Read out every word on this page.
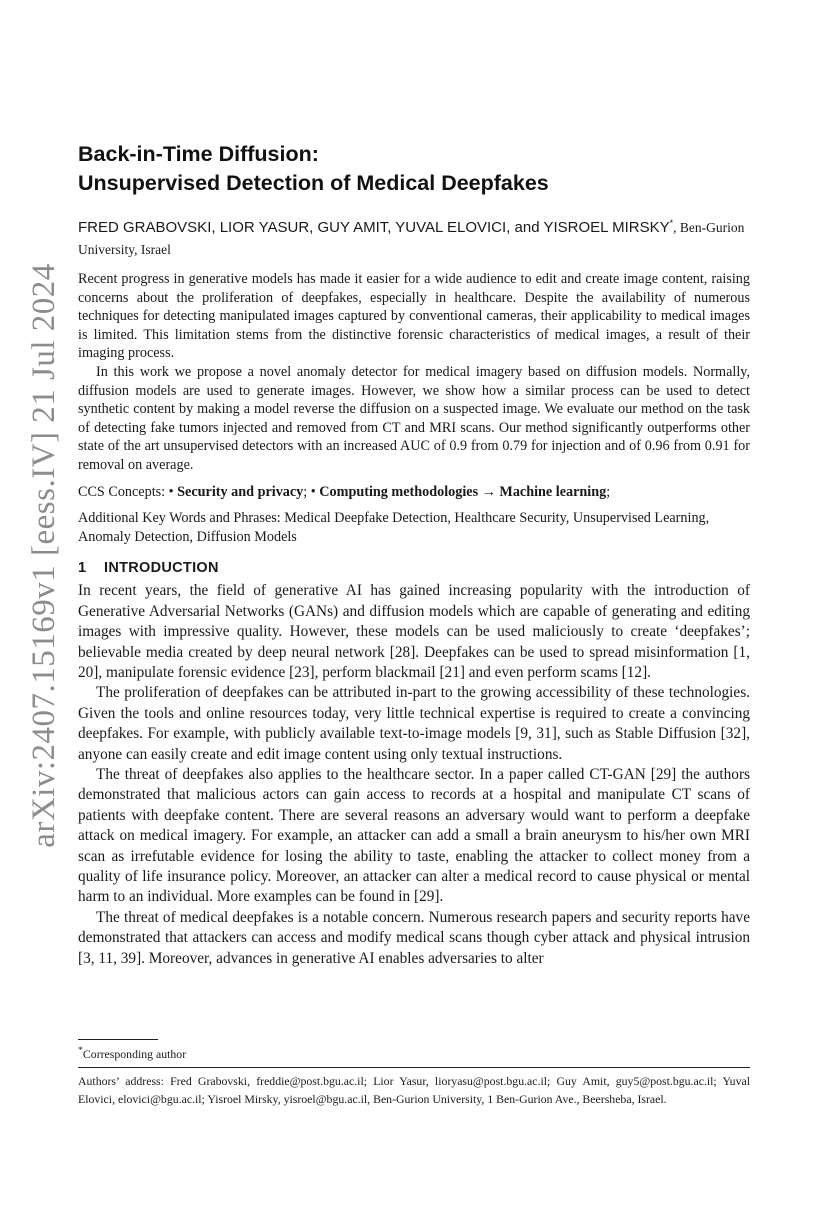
arXiv:2407.15169v1 [eess.IV] 21 Jul 2024
Back-in-Time Diffusion:
Unsupervised Detection of Medical Deepfakes
FRED GRABOVSKI, LIOR YASUR, GUY AMIT, YUVAL ELOVICI, and YISROEL MIRSKY*, Ben-Gurion University, Israel

Recent progress in generative models has made it easier for a wide audience to edit and create image content, raising concerns about the proliferation of deepfakes, especially in healthcare. Despite the availability of numerous techniques for detecting manipulated images captured by conventional cameras, their applicability to medical images is limited. This limitation stems from the distinctive forensic characteristics of medical images, a result of their imaging process.

In this work we propose a novel anomaly detector for medical imagery based on diffusion models. Normally, diffusion models are used to generate images. However, we show how a similar process can be used to detect synthetic content by making a model reverse the diffusion on a suspected image. We evaluate our method on the task of detecting fake tumors injected and removed from CT and MRI scans. Our method significantly outperforms other state of the art unsupervised detectors with an increased AUC of 0.9 from 0.79 for injection and of 0.96 from 0.91 for removal on average.

CCS Concepts: • Security and privacy; • Computing methodologies → Machine learning;
Additional Key Words and Phrases: Medical Deepfake Detection, Healthcare Security, Unsupervised Learning, Anomaly Detection, Diffusion Models
1 INTRODUCTION

In recent years, the field of generative AI has gained increasing popularity with the introduction of Generative Adversarial Networks (GANs) and diffusion models which are capable of generating and editing images with impressive quality. However, these models can be used maliciously to create ‘deepfakes’; believable media created by deep neural network [28]. Deepfakes can be used to spread misinformation [1, 20], manipulate forensic evidence [23], perform blackmail [21] and even perform scams [12].

The proliferation of deepfakes can be attributed in-part to the growing accessibility of these technologies. Given the tools and online resources today, very little technical expertise is required to create a convincing deepfakes. For example, with publicly available text-to-image models [9, 31], such as Stable Diffusion [32], anyone can easily create and edit image content using only textual instructions.

The threat of deepfakes also applies to the healthcare sector. In a paper called CT-GAN [29] the authors demonstrated that malicious actors can gain access to records at a hospital and manipulate CT scans of patients with deepfake content. There are several reasons an adversary would want to perform a deepfake attack on medical imagery. For example, an attacker can add a small a brain aneurysm to his/her own MRI scan as irrefutable evidence for losing the ability to taste, enabling the attacker to collect money from a quality of life insurance policy. Moreover, an attacker can alter a medical record to cause physical or mental harm to an individual. More examples can be found in [29].

The threat of medical deepfakes is a notable concern. Numerous research papers and security reports have demonstrated that attackers can access and modify medical scans though cyber attack and physical intrusion [3, 11, 39]. Moreover, advances in generative AI enables adversaries to alter

*Corresponding author
Authors’ address: Fred Grabovski, freddie@post.bgu.ac.il; Lior Yasur, lioryasu@post.bgu.ac.il; Guy Amit, guy5@post.bgu.ac.il; Yuval Elovici, elovici@bgu.ac.il; Yisroel Mirsky, yisroel@bgu.ac.il, Ben-Gurion University, 1 Ben-Gurion Ave., Beersheba, Israel.
